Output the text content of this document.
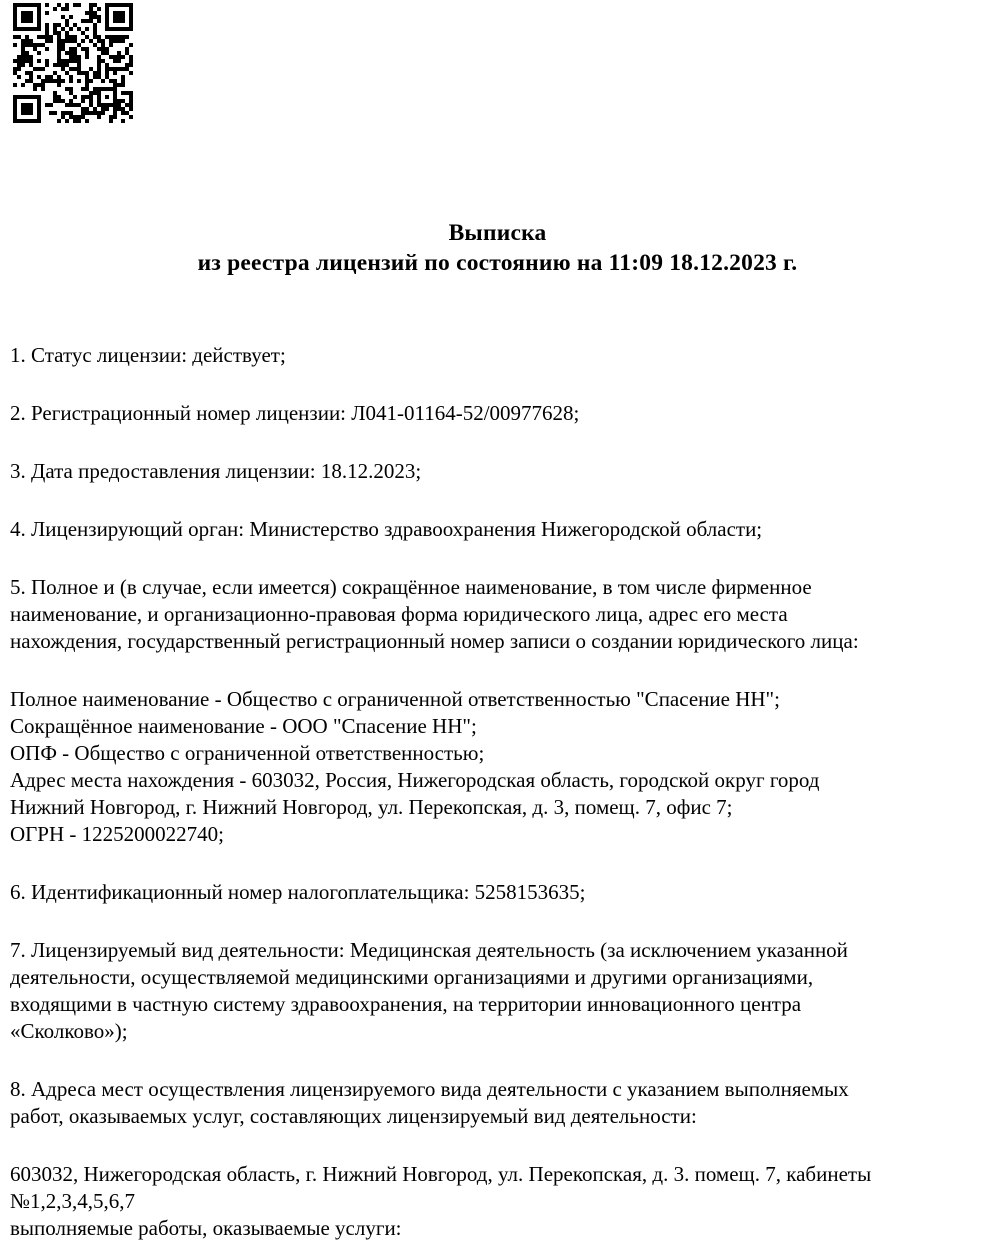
Выписка
из реестра лицензий по состоянию на 11:09 18.12.2023 г.
1. Статус лицензии: действует;
2. Регистрационный номер лицензии: Л041-01164-52/00977628;
3. Дата предоставления лицензии: 18.12.2023;
4. Лицензирующий орган: Министерство здравоохранения Нижегородской области;
5. Полное и (в случае, если имеется) сокращённое наименование, в том числе фирменное
наименование, и организационно-правовая форма юридического лица, адрес его места
нахождения, государственный регистрационный номер записи о создании юридического лица:
Полное наименование - Общество с ограниченной ответственностью "Спасение НН";
Сокращённое наименование - ООО "Спасение НН";
ОПФ - Общество с ограниченной ответственностью;
Адрес места нахождения - 603032, Россия, Нижегородская область, городской округ город
Нижний Новгород, г. Нижний Новгород, ул. Перекопская, д. 3, помещ. 7, офис 7;
ОГРН - 1225200022740;
6. Идентификационный номер налогоплательщика: 5258153635;
7. Лицензируемый вид деятельности: Медицинская деятельность (за исключением указанной
деятельности, осуществляемой медицинскими организациями и другими организациями,
входящими в частную систему здравоохранения, на территории инновационного центра
«Сколково»);
8. Адреса мест осуществления лицензируемого вида деятельности с указанием выполняемых
работ, оказываемых услуг, составляющих лицензируемый вид деятельности:
603032, Нижегородская область, г. Нижний Новгород, ул. Перекопская, д. 3. помещ. 7, кабинеты
№1,2,3,4,5,6,7
выполняемые работы, оказываемые услуги:
